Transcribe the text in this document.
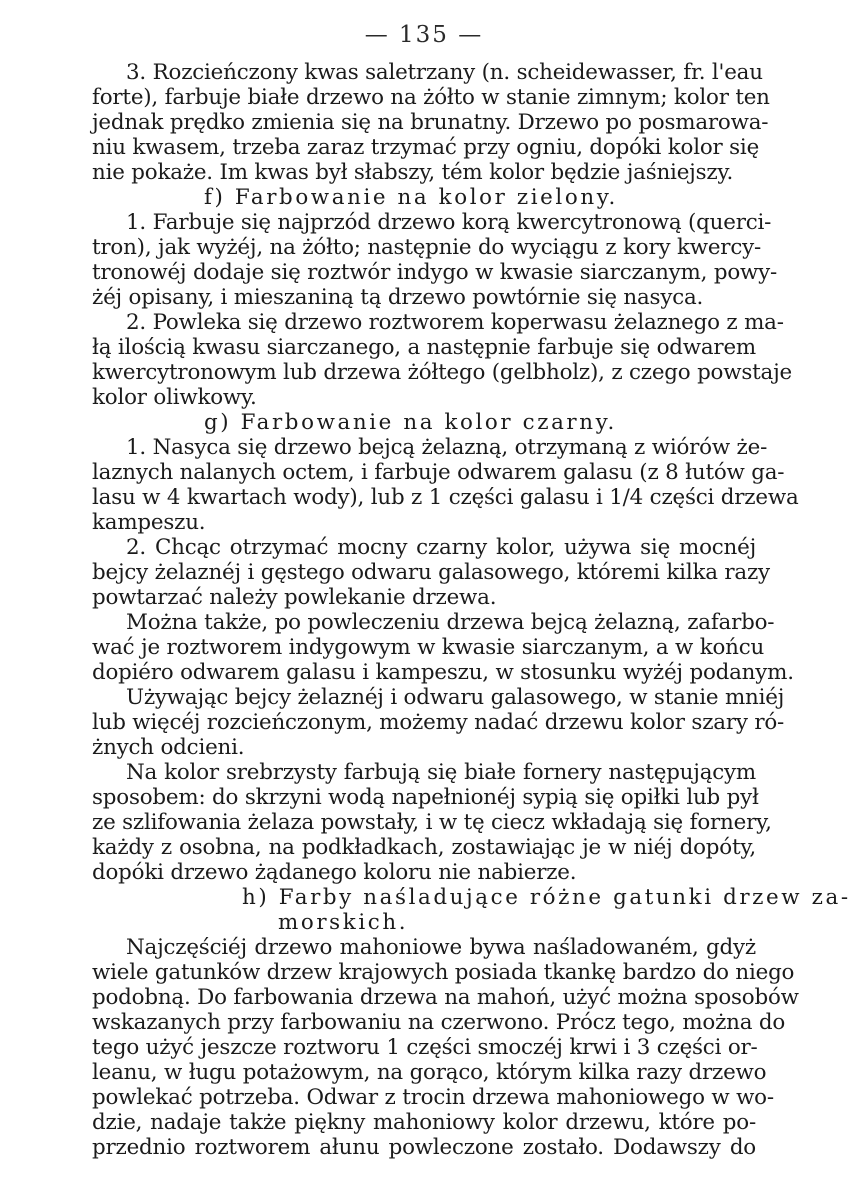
— 135 —
3. Rozcieńczony kwas saletrzany (n. scheidewasser, fr. l'eau
forte), farbuje białe drzewo na żółto w stanie zimnym; kolor ten
jednak prędko zmienia się na brunatny. Drzewo po posmarowa-
niu kwasem, trzeba zaraz trzymać przy ogniu, dopóki kolor się
nie pokaże. Im kwas był słabszy, tém kolor będzie jaśniejszy.
f) Farbowanie na kolor zielony.
1. Farbuje się najprzód drzewo korą kwercytronową (querci-
tron), jak wyżéj, na żółto; następnie do wyciągu z kory kwercy-
tronowéj dodaje się roztwór indygo w kwasie siarczanym, powy-
żéj opisany, i mieszaniną tą drzewo powtórnie się nasyca.
2. Powleka się drzewo roztworem koperwasu żelaznego z ma-
łą ilością kwasu siarczanego, a następnie farbuje się odwarem
kwercytronowym lub drzewa żółtego (gelbholz), z czego powstaje
kolor oliwkowy.
g) Farbowanie na kolor czarny.
1. Nasyca się drzewo bejcą żelazną, otrzymaną z wiórów że-
laznych nalanych octem, i farbuje odwarem galasu (z 8 łutów ga-
lasu w 4 kwartach wody), lub z 1 części galasu i 1/4 części drzewa
kampeszu.
2. Chcąc otrzymać mocny czarny kolor, używa się mocnéj
bejcy żelaznéj i gęstego odwaru galasowego, któremi kilka razy
powtarzać należy powlekanie drzewa.
Można także, po powleczeniu drzewa bejcą żelazną, zafarbo-
wać je roztworem indygowym w kwasie siarczanym, a w końcu
dopiéro odwarem galasu i kampeszu, w stosunku wyżéj podanym.
Używając bejcy żelaznéj i odwaru galasowego, w stanie mniéj
lub więcéj rozcieńczonym, możemy nadać drzewu kolor szary ró-
żnych odcieni.
Na kolor srebrzysty farbują się białe fornery następującym
sposobem: do skrzyni wodą napełnionéj sypią się opiłki lub pył
ze szlifowania żelaza powstały, i w tę ciecz wkładają się fornery,
każdy z osobna, na podkładkach, zostawiając je w niéj dopóty,
dopóki drzewo żądanego koloru nie nabierze.
h) Farby naśladujące różne gatunki drzew za-
morskich.
Najczęściéj drzewo mahoniowe bywa naśladowaném, gdyż
wiele gatunków drzew krajowych posiada tkankę bardzo do niego
podobną. Do farbowania drzewa na mahoń, użyć można sposobów
wskazanych przy farbowaniu na czerwono. Prócz tego, można do
tego użyć jeszcze roztworu 1 części smoczéj krwi i 3 części or-
leanu, w ługu potażowym, na gorąco, którym kilka razy drzewo
powlekać potrzeba. Odwar z trocin drzewa mahoniowego w wo-
dzie, nadaje także piękny mahoniowy kolor drzewu, które po-
przednio roztworem ałunu powleczone zostało. Dodawszy do
